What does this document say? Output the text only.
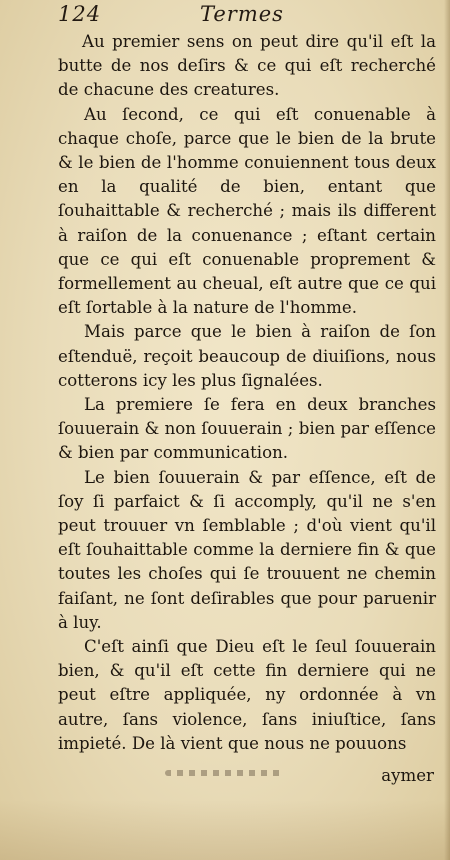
124	Termes

Au premier sens on peut dire qu'il eſt la butte de nos deſirs & ce qui eſt recherché de chacune des creatures.

Au ſecond, ce qui eſt conuenable à chaque choſe, parce que le bien de la brute & le bien de l'homme conuiennent tous deux en la qualité de bien, entant que ſouhaittable & recherché ; mais ils different à raiſon de la conuenance ; eſtant certain que ce qui eſt conuenable proprement & formellement au cheual, eſt autre que ce qui eſt ſortable à la nature de l'homme.

Mais parce que le bien à raiſon de ſon eſtenduë, reçoit beaucoup de diuiſions, nous cotterons icy les plus ſignalées.

La premiere ſe fera en deux branches ſouuerain & non ſouuerain ; bien par eſſence & bien par communication.

Le bien ſouuerain & par eſſence, eſt de ſoy ſi parfaict & ſi accomply, qu'il ne s'en peut trouuer vn ſemblable ; d'où vient qu'il eſt ſouhaittable comme la derniere fin & que toutes les choſes qui ſe trouuent ne chemin faiſant, ne ſont deſirables que pour paruenir à luy.

C'eſt ainſi que Dieu eſt le ſeul ſouuerain bien, & qu'il eſt cette fin derniere qui ne peut eſtre appliquée, ny ordonnée à vn autre, ſans violence, ſans iniuſtice, ſans impieté. De là vient que nous ne pouuons

aymer
